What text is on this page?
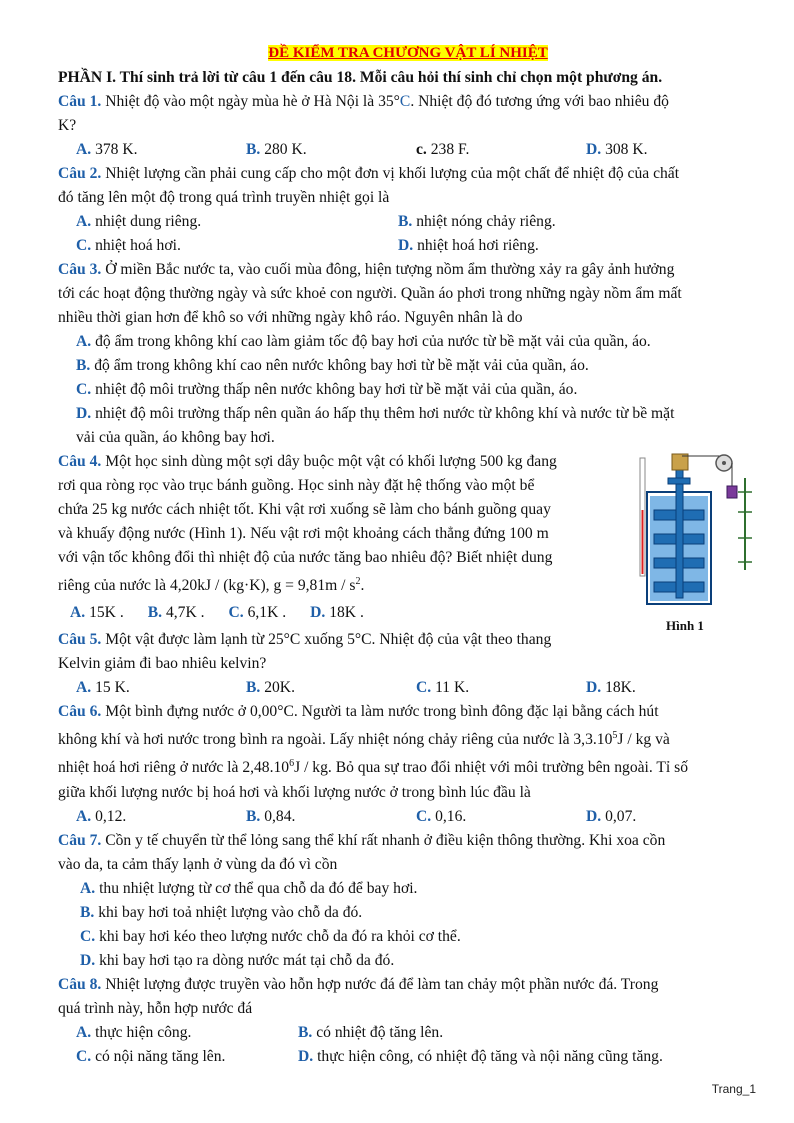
ĐỀ KIỂM TRA CHƯƠNG VẬT LÍ NHIỆT
PHẦN I. Thí sinh trả lời từ câu 1 đến câu 18. Mỗi câu hỏi thí sinh chỉ chọn một phương án.
Câu 1. Nhiệt độ vào một ngày mùa hè ở Hà Nội là 35°C. Nhiệt độ đó tương ứng với bao nhiêu độ
K?
A. 378 K.	B. 280 K.	c. 238 F.	D. 308 K.
Câu 2. Nhiệt lượng cần phải cung cấp cho một đơn vị khối lượng của một chất để nhiệt độ của chất
đó tăng lên một độ trong quá trình truyền nhiệt gọi là
A. nhiệt dung riêng.	B. nhiệt nóng chảy riêng.
C. nhiệt hoá hơi.	D. nhiệt hoá hơi riêng.
Câu 3. Ở miền Bắc nước ta, vào cuối mùa đông, hiện tượng nồm ẩm thường xảy ra gây ảnh hưởng
tới các hoạt động thường ngày và sức khoẻ con người. Quần áo phơi trong những ngày nồm ẩm mất
nhiều thời gian hơn để khô so với những ngày khô ráo. Nguyên nhân là do
A. độ ẩm trong không khí cao làm giảm tốc độ bay hơi của nước từ bề mặt vải của quần, áo.
B. độ ẩm trong không khí cao nên nước không bay hơi từ bề mặt vải của quần, áo.
C. nhiệt độ môi trường thấp nên nước không bay hơi từ bề mặt vải của quần, áo.
D. nhiệt độ môi trường thấp nên quần áo hấp thụ thêm hơi nước từ không khí và nước từ bề mặt
vải của quần, áo không bay hơi.
Câu 4. Một học sinh dùng một sợi dây buộc một vật có khối lượng 500 kg đang
rơi qua ròng rọc vào trục bánh guồng. Học sinh này đặt hệ thống vào một bể
chứa 25 kg nước cách nhiệt tốt. Khi vật rơi xuống sẽ làm cho bánh guồng quay
và khuấy động nước (Hình 1). Nếu vật rơi một khoảng cách thẳng đứng 100 m
với vận tốc không đổi thì nhiệt độ của nước tăng bao nhiêu độ? Biết nhiệt dung
riêng của nước là 4,20kJ / (kg·K), $g = 9,81m / s^2$.
A. 15K . B. 4,7K . C. 6,1K . D. 18K .
Hình 1
Câu 5. Một vật được làm lạnh từ 25°C xuống 5°C. Nhiệt độ của vật theo thang
Kelvin giảm đi bao nhiêu kelvin?
A. 15 K.	B. 20K.	C. 11 K.	D. 18K.
Câu 6. Một bình đựng nước ở 0,00°C. Người ta làm nước trong bình đông đặc lại bằng cách hút
không khí và hơi nước trong bình ra ngoài. Lấy nhiệt nóng chảy riêng của nước là 3,3.10$^5$J / kg và
nhiệt hoá hơi riêng ở nước là 2,48.10$^6$J / kg. Bỏ qua sự trao đổi nhiệt với môi trường bên ngoài. Tỉ số
giữa khối lượng nước bị hoá hơi và khối lượng nước ở trong bình lúc đầu là
A. 0,12.	B. 0,84.	C. 0,16.	D. 0,07.
Câu 7. Cồn y tế chuyển từ thể lỏng sang thể khí rất nhanh ở điều kiện thông thường. Khi xoa cồn
vào da, ta cảm thấy lạnh ở vùng da đó vì cồn
A. thu nhiệt lượng từ cơ thể qua chỗ da đó để bay hơi.
B. khi bay hơi toả nhiệt lượng vào chỗ da đó.
C. khi bay hơi kéo theo lượng nước chỗ da đó ra khỏi cơ thể.
D. khi bay hơi tạo ra dòng nước mát tại chỗ da đó.
Câu 8. Nhiệt lượng được truyền vào hỗn hợp nước đá để làm tan chảy một phần nước đá. Trong
quá trình này, hỗn hợp nước đá
A. thực hiện công.	B. có nhiệt độ tăng lên.
C. có nội năng tăng lên.	D. thực hiện công, có nhiệt độ tăng và nội năng cũng tăng.
Trang_1
